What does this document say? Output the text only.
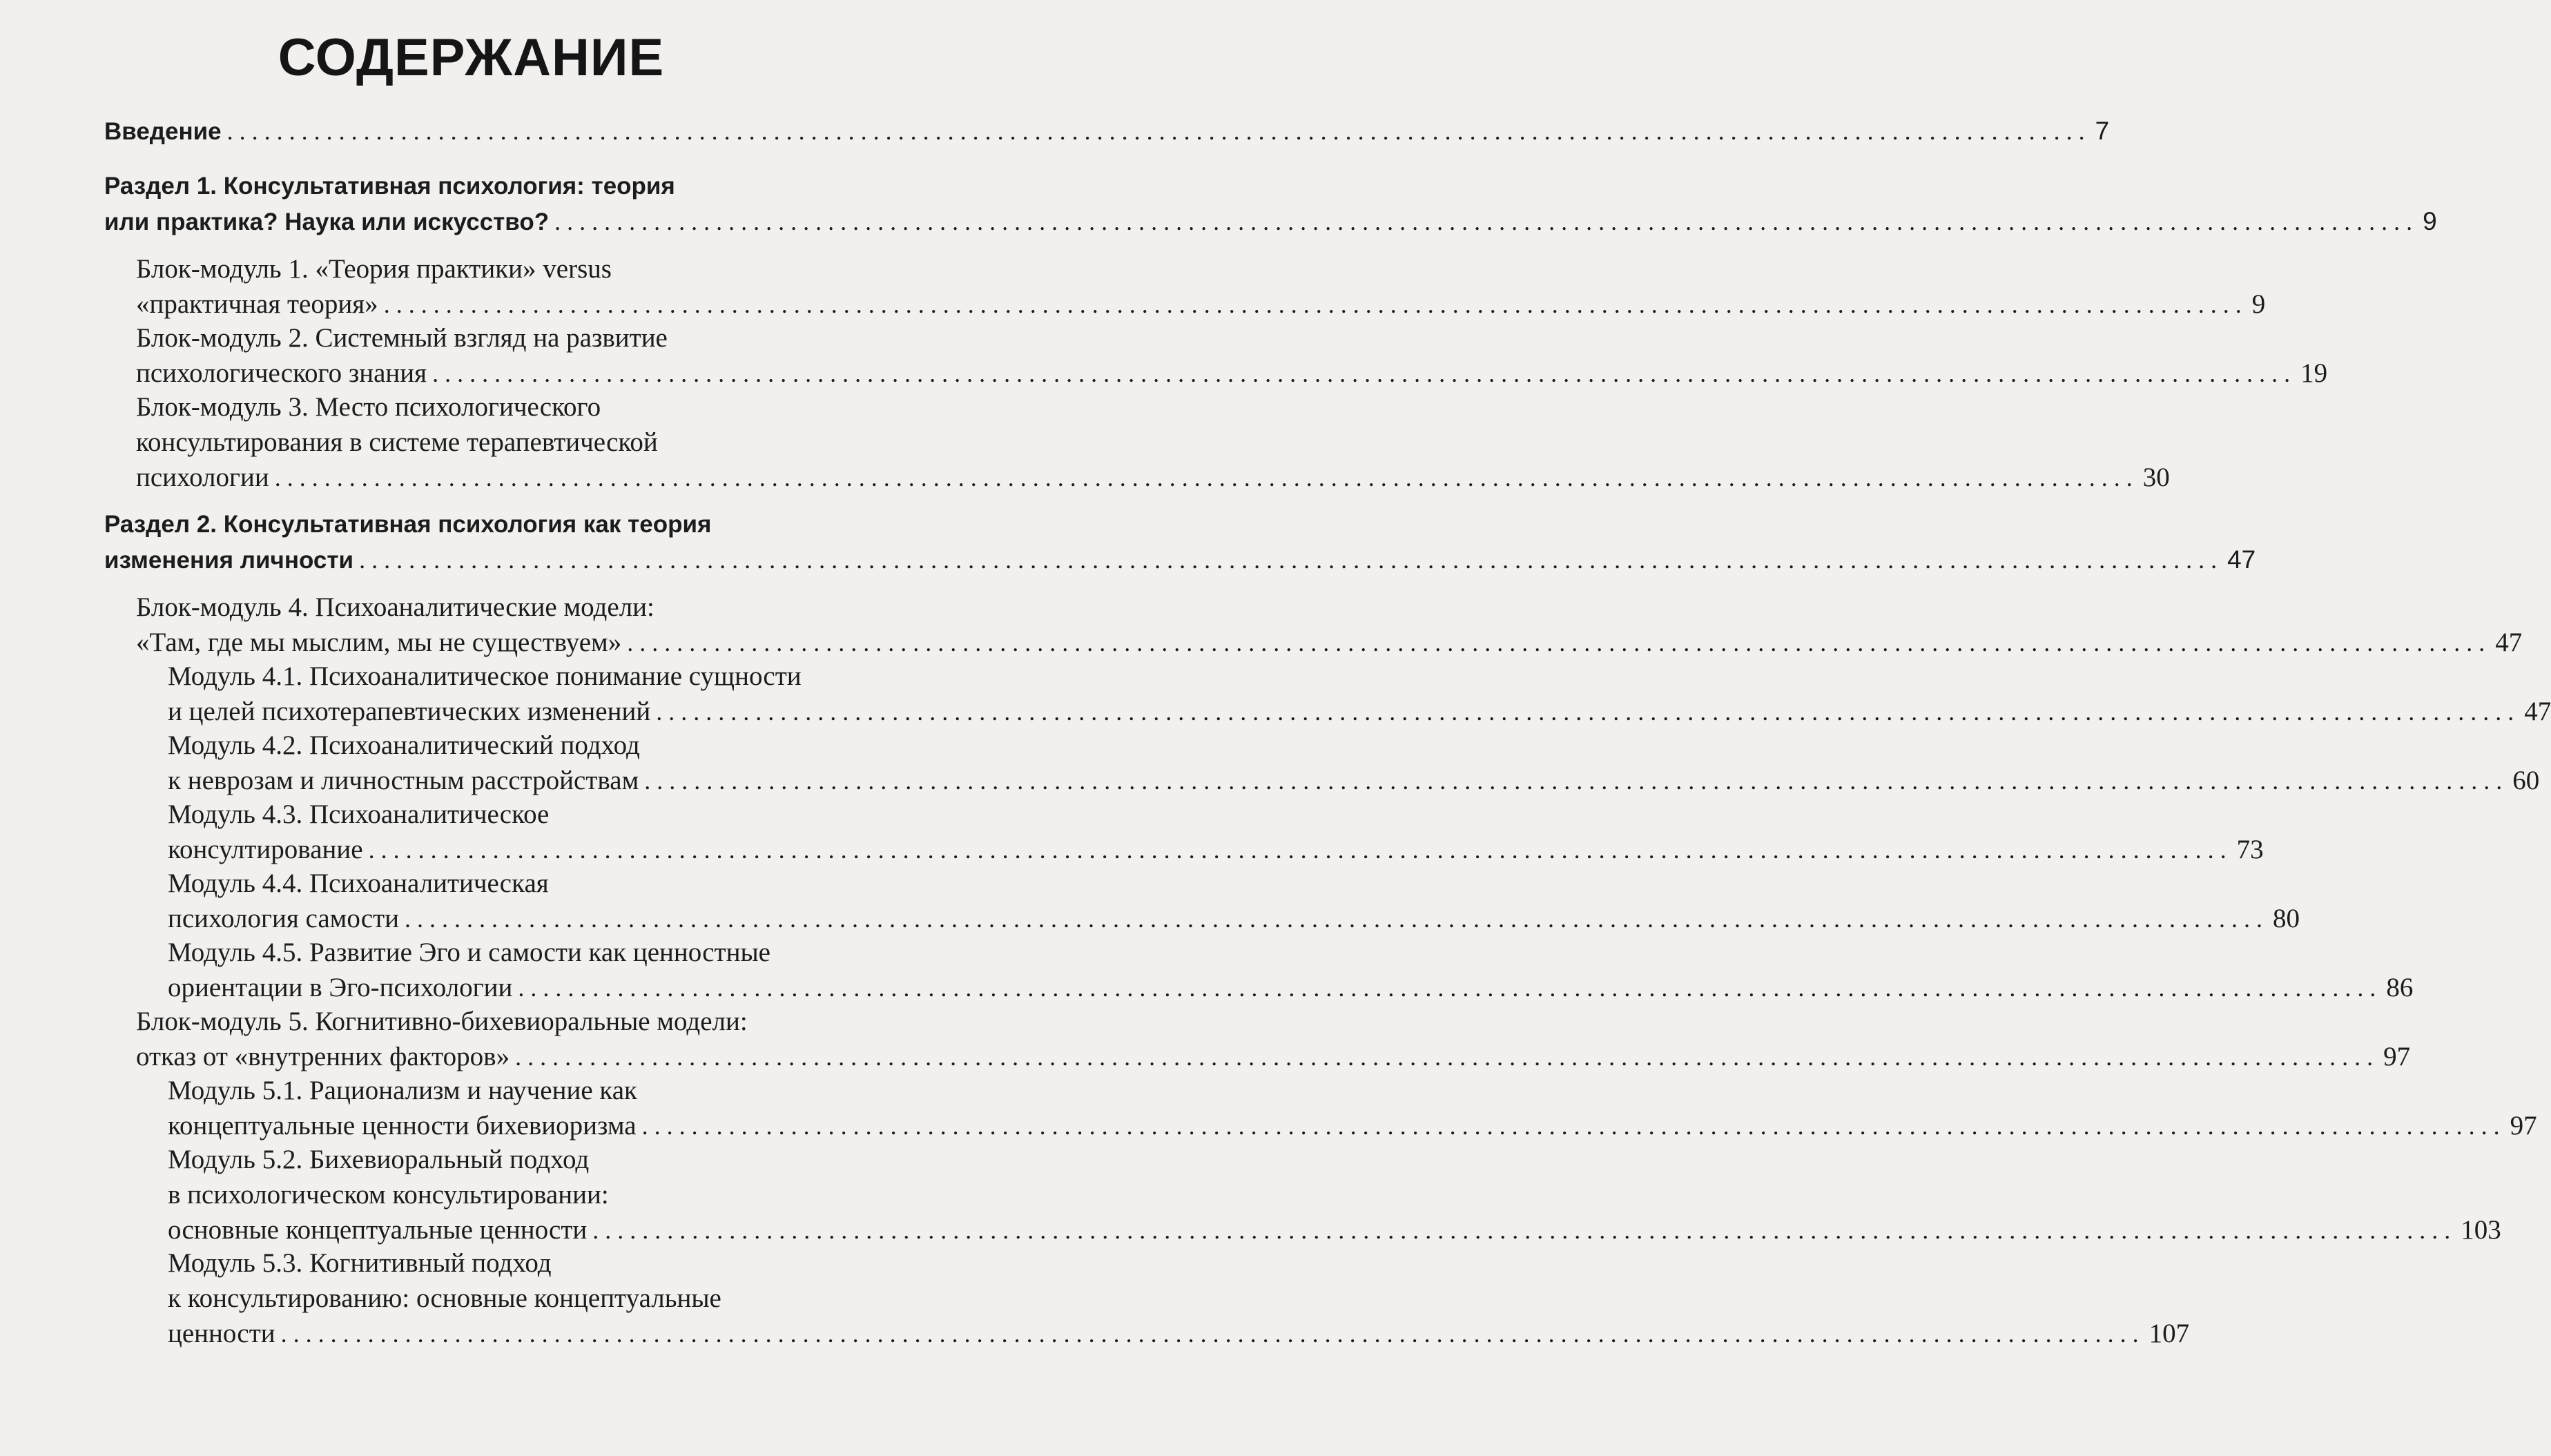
СОДЕРЖАНИЕ
Введение ...................................................................................................................................................... 7
Раздел 1. Консультативная психология: теория
или практика? Наука или искусство? ...................................................................................................................................................... 9
Блок-модуль 1. «Теория практики» versus
«практичная теория» ...................................................................................................................................................... 9
Блок-модуль 2. Системный взгляд на развитие
психологического знания ...................................................................................................................................................... 19
Блок-модуль 3. Место психологического
консультирования в системе терапевтической
психологии ...................................................................................................................................................... 30
Раздел 2. Консультативная психология как теория
изменения личности ...................................................................................................................................................... 47
Блок-модуль 4. Психоаналитические модели:
«Там, где мы мыслим, мы не существуем» ...................................................................................................................................................... 47
Модуль 4.1. Психоаналитическое понимание сущности
и целей психотерапевтических изменений ...................................................................................................................................................... 47
Модуль 4.2. Психоаналитический подход
к неврозам и личностным расстройствам ...................................................................................................................................................... 60
Модуль 4.3. Психоаналитическое
консултирование ...................................................................................................................................................... 73
Модуль 4.4. Психоаналитическая
психология самости ...................................................................................................................................................... 80
Модуль 4.5. Развитие Эго и самости как ценностные
ориентации в Эго-психологии ...................................................................................................................................................... 86
Блок-модуль 5. Когнитивно-бихевиоральные модели:
отказ от «внутренних факторов» ...................................................................................................................................................... 97
Модуль 5.1. Рационализм и научение как
концептуальные ценности бихевиоризма ...................................................................................................................................................... 97
Модуль 5.2. Бихевиоральный подход
в психологическом консультировании:
основные концептуальные ценности ...................................................................................................................................................... 103
Модуль 5.3. Когнитивный подход
к консультированию: основные концептуальные
ценности ...................................................................................................................................................... 107
